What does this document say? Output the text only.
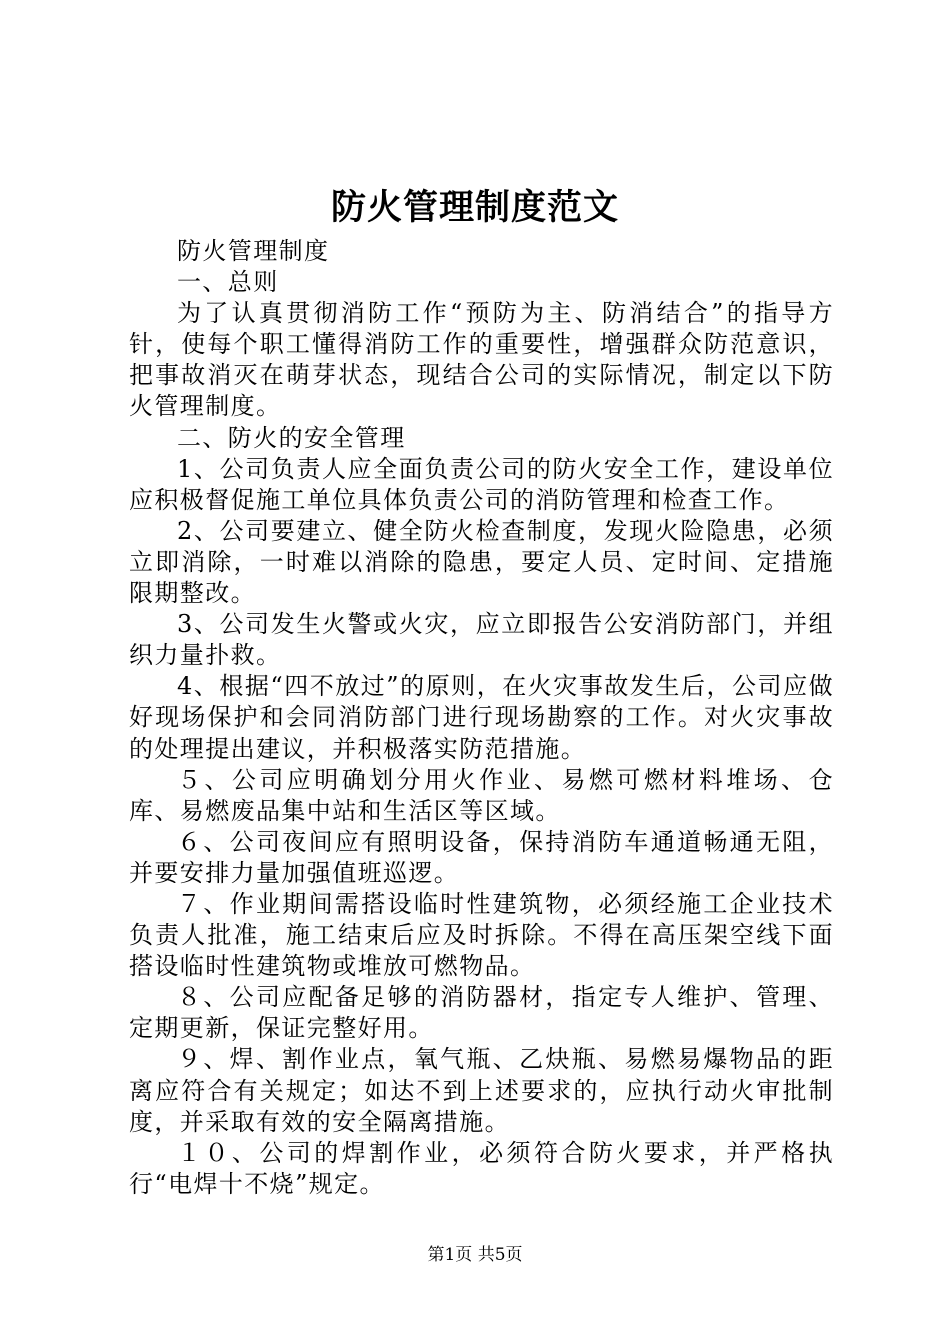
防火管理制度范文

防火管理制度

一、总则

为了认真贯彻消防工作“预防为主、防消结合”的指导方针，使每个职工懂得消防工作的重要性，增强群众防范意识，把事故消灭在萌芽状态，现结合公司的实际情况，制定以下防火管理制度。

二、防火的安全管理

1、公司负责人应全面负责公司的防火安全工作，建设单位应积极督促施工单位具体负责公司的消防管理和检查工作。

2、公司要建立、健全防火检查制度，发现火险隐患，必须立即消除，一时难以消除的隐患，要定人员、定时间、定措施限期整改。

3、公司发生火警或火灾，应立即报告公安消防部门，并组织力量扑救。

4、根据“四不放过”的原则，在火灾事故发生后，公司应做好现场保护和会同消防部门进行现场勘察的工作。对火灾事故的处理提出建议，并积极落实防范措施。

５、公司应明确划分用火作业、易燃可燃材料堆场、仓库、易燃废品集中站和生活区等区域。

６、公司夜间应有照明设备，保持消防车通道畅通无阻，并要安排力量加强值班巡逻。

７、作业期间需搭设临时性建筑物，必须经施工企业技术负责人批准，施工结束后应及时拆除。不得在高压架空线下面搭设临时性建筑物或堆放可燃物品。

８、公司应配备足够的消防器材，指定专人维护、管理、定期更新，保证完整好用。

９、焊、割作业点，氧气瓶、乙炔瓶、易燃易爆物品的距离应符合有关规定；如达不到上述要求的，应执行动火审批制度，并采取有效的安全隔离措施。

１０、公司的焊割作业，必须符合防火要求，并严格执行“电焊十不烧”规定。

第1页 共5页
